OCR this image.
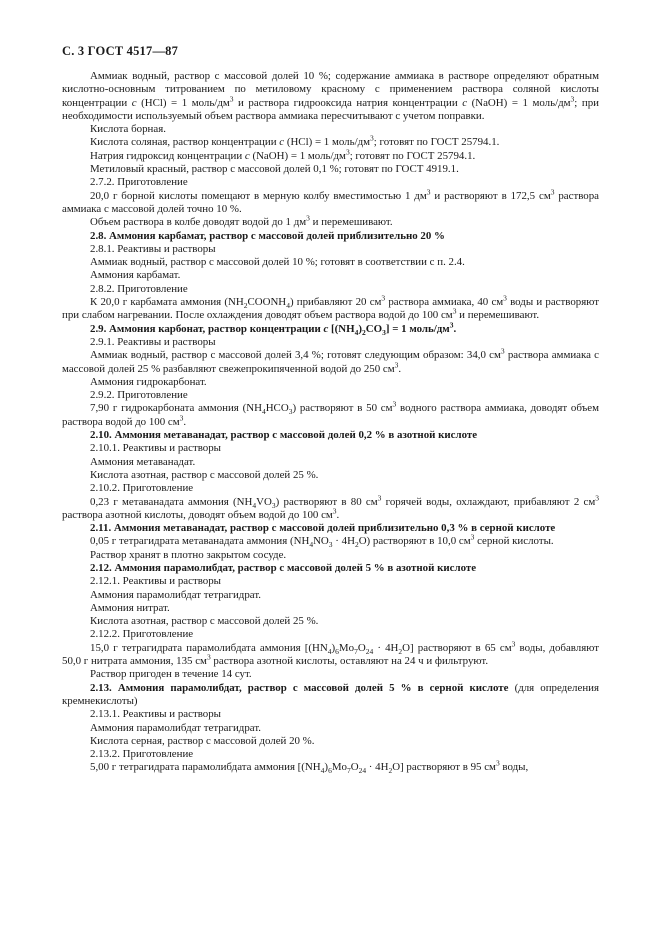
С. 3 ГОСТ 4517—87

Аммиак водный, раствор с массовой долей 10 %; содержание аммиака в растворе определяют обратным кислотно-основным титрованием по метиловому красному с применением раствора соляной кислоты концентрации с (HCl) = 1 моль/$дм^3$ и раствора гидрооксида натрия концентрации с (NaOH) = 1 моль/$дм^3$; при необходимости используемый объем раствора аммиака пересчитывают с учетом поправки.

Кислота борная.

Кислота соляная, раствор концентрации с (HCl) = 1 моль/$дм^3$; готовят по ГОСТ 25794.1.

Натрия гидроксид концентрации с (NaOH) = 1 моль/$дм^3$; готовят по ГОСТ 25794.1.

Метиловый красный, раствор с массовой долей 0,1 %; готовят по ГОСТ 4919.1.

2.7.2. Приготовление

20,0 г борной кислоты помещают в мерную колбу вместимостью 1 $дм^3$ и растворяют в 172,5 $см^3$ раствора аммиака с массовой долей точно 10 %.

Объем раствора в колбе доводят водой до 1 $дм^3$ и перемешивают.

2.8. Аммония карбамат, раствор с массовой долей приблизительно 20 %

2.8.1. Реактивы и растворы

Аммиак водный, раствор с массовой долей 10 %; готовят в соответствии с п. 2.4.

Аммония карбамат.

2.8.2. Приготовление

К 20,0 г карбамата аммония $(NH_2COONH_4)$ прибавляют 20 $см^3$ раствора аммиака, 40 $см^3$ воды и растворяют при слабом нагревании. После охлаждения доводят объем раствора водой до 100 $см^3$ и перемешивают.

2.9. Аммония карбонат, раствор концентрации с $[(NH_4)_2CO_3] = 1$ моль/$дм^3$.

2.9.1. Реактивы и растворы

Аммиак водный, раствор с массовой долей 3,4 %; готовят следующим образом: 34,0 $см^3$ раствора аммиака с массовой долей 25 % разбавляют свежепрокипяченной водой до 250 $см^3$.

Аммония гидрокарбонат.

2.9.2. Приготовление

7,90 г гидрокарбоната аммония $(NH_4HCO_3)$ растворяют в 50 $см^3$ водного раствора аммиака, доводят объем раствора водой до 100 $см^3$.

2.10. Аммония метаванадат, раствор с массовой долей 0,2 % в азотной кислоте

2.10.1. Реактивы и растворы

Аммония метаванадат.

Кислота азотная, раствор с массовой долей 25 %.

2.10.2. Приготовление

0,23 г метаванадата аммония $(NH_4VO_3)$ растворяют в 80 $см^3$ горячей воды, охлаждают, прибавляют 2 $см^3$ раствора азотной кислоты, доводят объем водой до 100 $см^3$.

2.11. Аммония метаванадат, раствор с массовой долей приблизительно 0,3 % в серной кислоте

0,05 г тетрагидрата метаванадата аммония $(NH_4NO_3 \cdot 4H_2O)$ растворяют в 10,0 $см^3$ серной кислоты.

Раствор хранят в плотно закрытом сосуде.

2.12. Аммония парамолибдат, раствор с массовой долей 5 % в азотной кислоте

2.12.1. Реактивы и растворы

Аммония парамолибдат тетрагидрат.

Аммония нитрат.

Кислота азотная, раствор с массовой долей 25 %.

2.12.2. Приготовление

15,0 г тетрагидрата парамолибдата аммония $[(HN_4)_6Mo_7O_{24} \cdot 4H_2O]$ растворяют в 65 $см^3$ воды, добавляют 50,0 г нитрата аммония, 135 $см^3$ раствора азотной кислоты, оставляют на 24 ч и фильтруют.

Раствор пригоден в течение 14 сут.

2.13. Аммония парамолибдат, раствор с массовой долей 5 % в серной кислоте (для определения кремнекислоты)

2.13.1. Реактивы и растворы

Аммония парамолибдат тетрагидрат.

Кислота серная, раствор с массовой долей 20 %.

2.13.2. Приготовление

5,00 г тетрагидрата парамолибдата аммония $[(NH_4)_6Mo_7O_{24} \cdot 4H_2O]$ растворяют в 95 $см^3$ воды,
